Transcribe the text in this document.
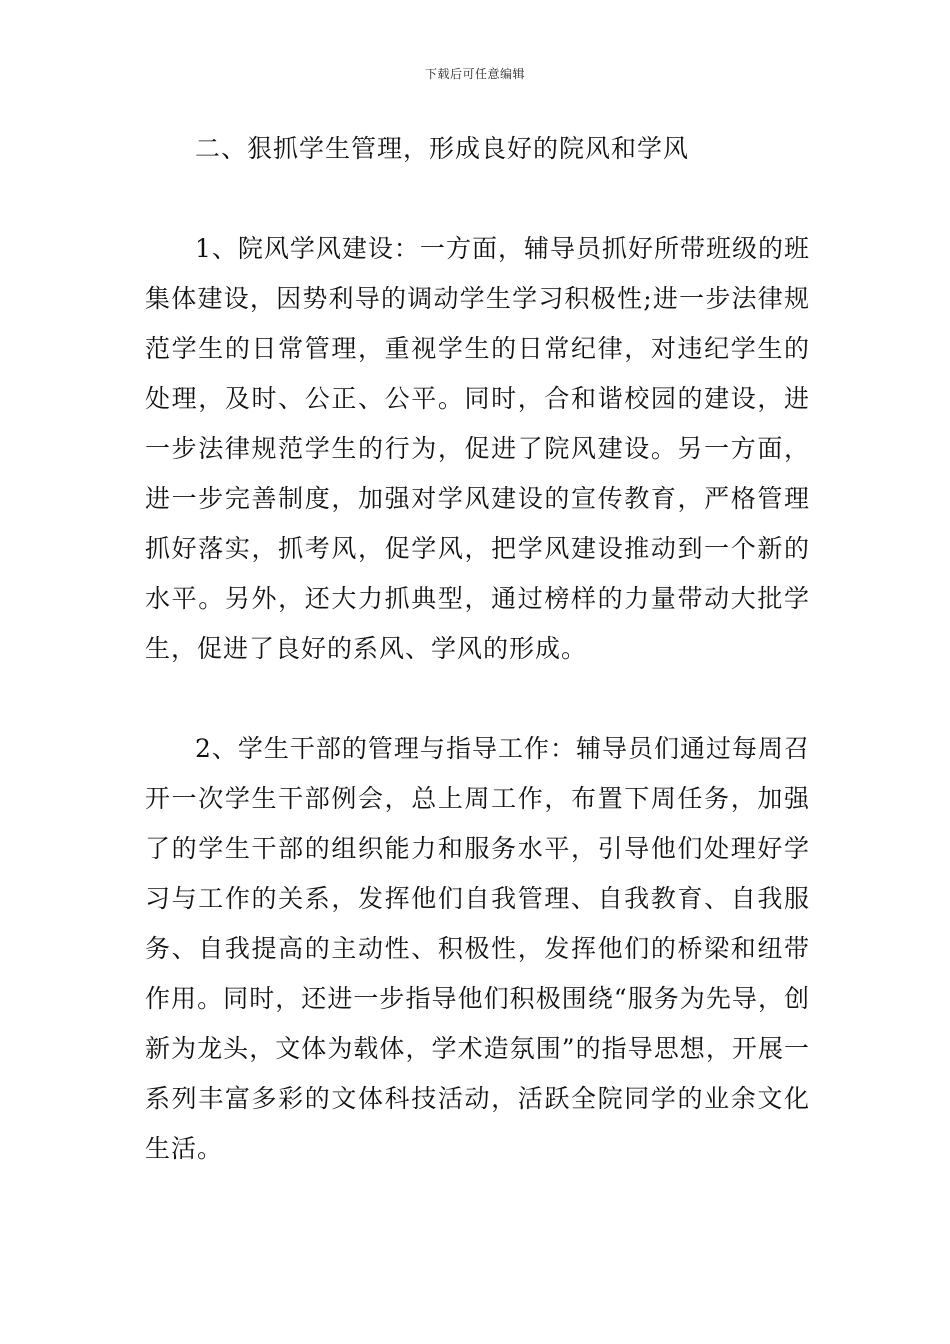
下载后可任意编辑

二、狠抓学生管理，形成良好的院风和学风

1、院风学风建设：一方面，辅导员抓好所带班级的班集体建设，因势利导的调动学生学习积极性;进一步法律规范学生的日常管理，重视学生的日常纪律，对违纪学生的处理，及时、公正、公平。同时，合和谐校园的建设，进一步法律规范学生的行为，促进了院风建设。另一方面，进一步完善制度，加强对学风建设的宣传教育，严格管理抓好落实，抓考风，促学风，把学风建设推动到一个新的水平。另外，还大力抓典型，通过榜样的力量带动大批学生，促进了良好的系风、学风的形成。

2、学生干部的管理与指导工作：辅导员们通过每周召开一次学生干部例会，总上周工作，布置下周任务，加强了的学生干部的组织能力和服务水平，引导他们处理好学习与工作的关系，发挥他们自我管理、自我教育、自我服务、自我提高的主动性、积极性，发挥他们的桥梁和纽带作用。同时，还进一步指导他们积极围绕“服务为先导，创新为龙头，文体为载体，学术造氛围”的指导思想，开展一系列丰富多彩的文体科技活动，活跃全院同学的业余文化生活。
